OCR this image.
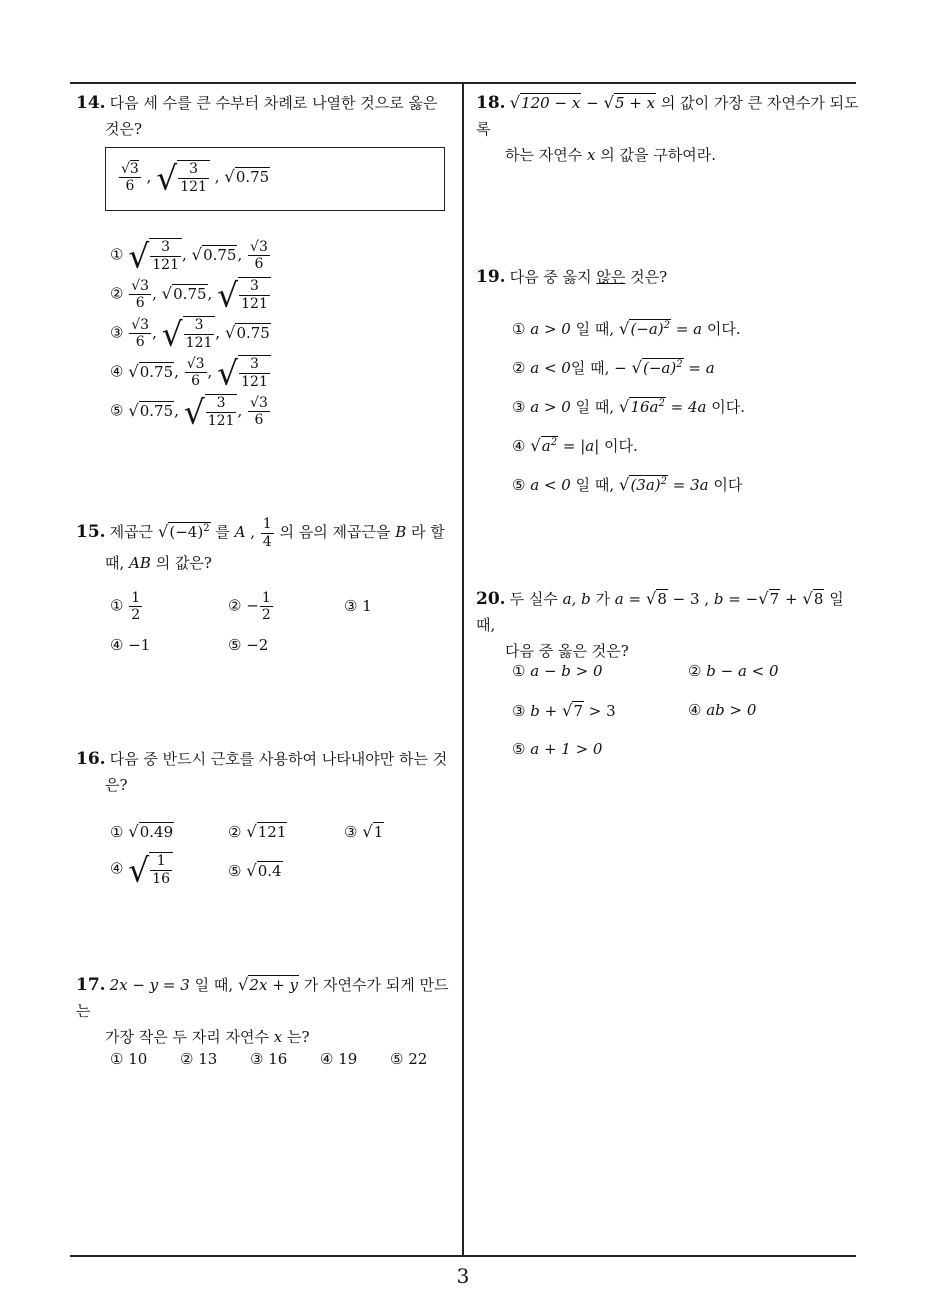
14. 다음 세 수를 큰 수부터 차례로 나열한 것으로 옳은
것은?
$\frac{√3}{6}$ , √ $\frac{3}{121}$ , √0.75
① √ $\frac{3}{121}$ , √0.75, $\frac{√3}{6}$
② $\frac{√3}{6}$ , √0.75, √ $\frac{3}{121}$
③ $\frac{√3}{6}$ , √ $\frac{3}{121}$ , √0.75
④ √0.75, $\frac{√3}{6}$ , √ $\frac{3}{121}$
⑤ √0.75, √ $\frac{3}{121}$ , $\frac{√3}{6}$
15. 제곱근 $√(-4)^2$ 를 A , $\frac{1}{4}$ 의 음의 제곱근을 B 라 할
때, AB 의 값은?
① $\frac{1}{2}$	② − $\frac{1}{2}$	③ 1
④ −1	⑤ −2
16. 다음 중 반드시 근호를 사용하여 나타내야만 하는 것
은?
① √0.49	② √121	③ √1
④ √ $\frac{1}{16}$	⑤ √0.4
17. 2x − y = 3 일 때, √2x + y 가 자연수가 되게 만드는
가장 작은 두 자리 자연수 x 는?
① 10 ② 13 ③ 16 ④ 19 ⑤ 22
18. √120 − x − √5 + x 의 값이 가장 큰 자연수가 되도록
하는 자연수 x 의 값을 구하여라.
19. 다음 중 옳지 않은 것은?
① a > 0 일 때, $√(-a)^2 = a$ 이다.
② a < 0일 때, − $√(-a)^2 = a$
③ a > 0 일 때, $√16a^2 = 4a$ 이다.
④ $√a^2 = |a|$ 이다.
⑤ a < 0 일 때, $√(3a)^2 = 3a$ 이다
20. 두 실수 a, b 가 a = √8 − 3 , b = −√7 + √8 일 때,
다음 중 옳은 것은?
① a − b > 0	② b − a < 0
③ b + √7 > 3	④ ab > 0
⑤ a + 1 > 0
3
